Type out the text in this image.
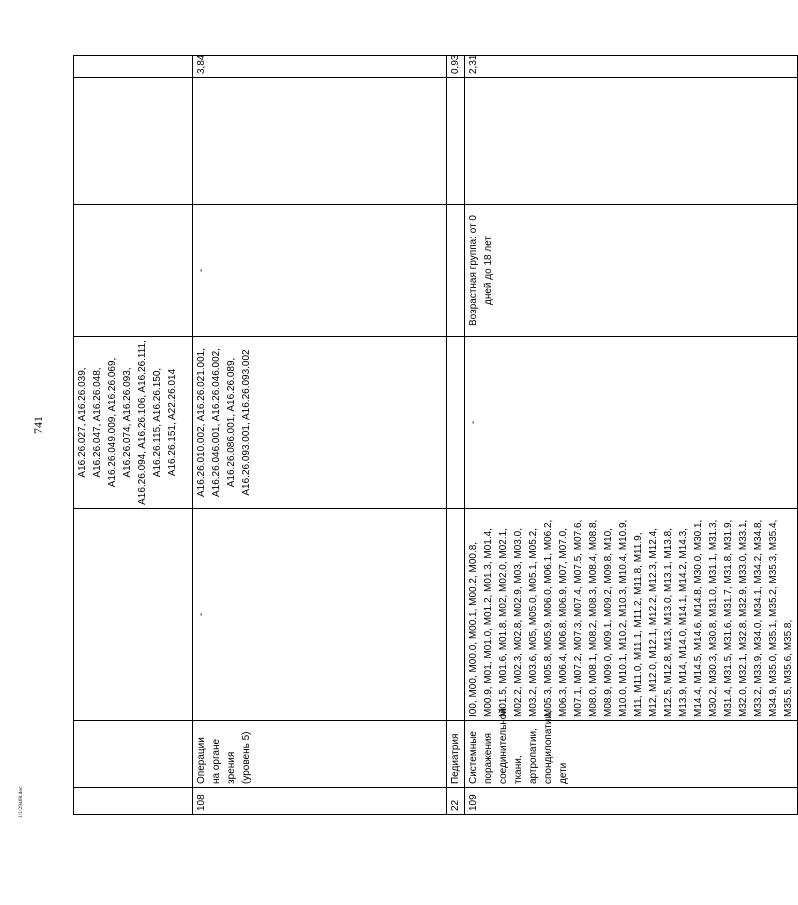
741
				A16.26.027, A16.26.039, A16.26.047, A16.26.048, A16.26.049.009, A16.26.069, A16.26.074, A16.26.093, A16.26.094, A16.26.106, A16.26.111, A16.26.115, A16.26.150, A16.26.151, A22.26.014			
108	Операции на органе зрения (уровень 5)	-	A16.26.010.002, A16.26.021.001, A16.26.046.001, A16.26.046.002, A16.26.086.001, A16.26.089, A16.26.093.001, A16.26.093.002	-		3,84
22	Педиатрия					0,93
109	Системные поражения соединительной ткани, артропатии, спондилопатии, дети	I00, M00, M00.0, M00.1, M00.2, M00.8, M00.9, M01, M01.0, M01.2, M01.3, M01.4, M01.5, M01.6, M01.8, M02, M02.0, M02.1, M02.2, M02.3, M02.8, M02.9, M03, M03.0, M03.2, M03.6, M05, M05.0, M05.1, M05.2, M05.3, M05.8, M05.9, M06.0, M06.1, M06.2, M06.3, M06.4, M06.8, M06.9, M07, M07.0, M07.1, M07.2, M07.3, M07.4, M07.5, M07.6, M08.0, M08.1, M08.2, M08.3, M08.4, M08.8, M08.9, M09.0, M09.1, M09.2, M09.8, M10, M10.0, M10.1, M10.2, M10.3, M10.4, M10.9, M11, M11.0, M11.1, M11.2, M11.8, M11.9, M12, M12.0, M12.1, M12.2, M12.3, M12.4, M12.5, M12.8, M13, M13.0, M13.1, M13.8, M13.9, M14, M14.0, M14.1, M14.2, M14.3, M14.4, M14.5, M14.6, M14.8, M30.0, M30.1, M30.2, M30.3, M30.8, M31.0, M31.1, M31.3, M31.4, M31.5, M31.6, M31.7, M31.8, M31.9, M32.0, M32.1, M32.8, M32.9, M33.0, M33.1, M33.2, M33.9, M34.0, M34.1, M34.2, M34.8, M34.9, M35.0, M35.1, M35.2, M35.3, M35.4, M35.5, M35.6, M35.8,	-	Возрастная группа: от 0 дней до 18 лет		2,31
1/1/29408.doc
